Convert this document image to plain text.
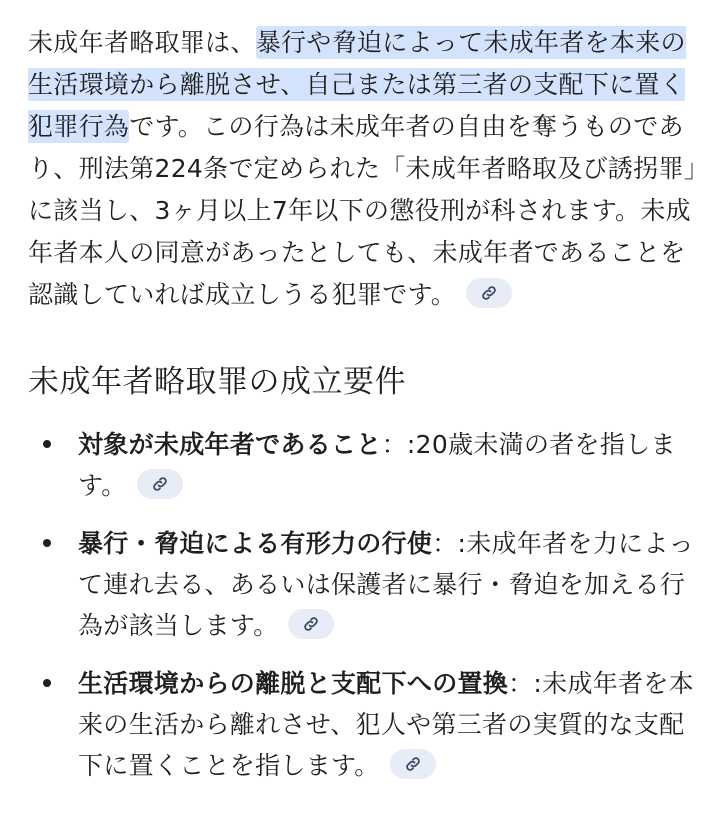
未成年者略取罪は、暴行や脅迫によって未成年者を本来の生活環境から離脱させ、自己または第三者の支配下に置く犯罪行為です。この行為は未成年者の自由を奪うものであり、刑法第224条で定められた「未成年者略取及び誘拐罪」に該当し、3ヶ月以上7年以下の懲役刑が科されます。未成年者本人の同意があったとしても、未成年者であることを認識していれば成立しうる犯罪です。

未成年者略取罪の成立要件
対象が未成年者であること：:20歳未満の者を指します。
暴行・脅迫による有形力の行使：:未成年者を力によって連れ去る、あるいは保護者に暴行・脅迫を加える行為が該当します。
生活環境からの離脱と支配下への置換：:未成年者を本来の生活から離れさせ、犯人や第三者の実質的な支配下に置くことを指します。
